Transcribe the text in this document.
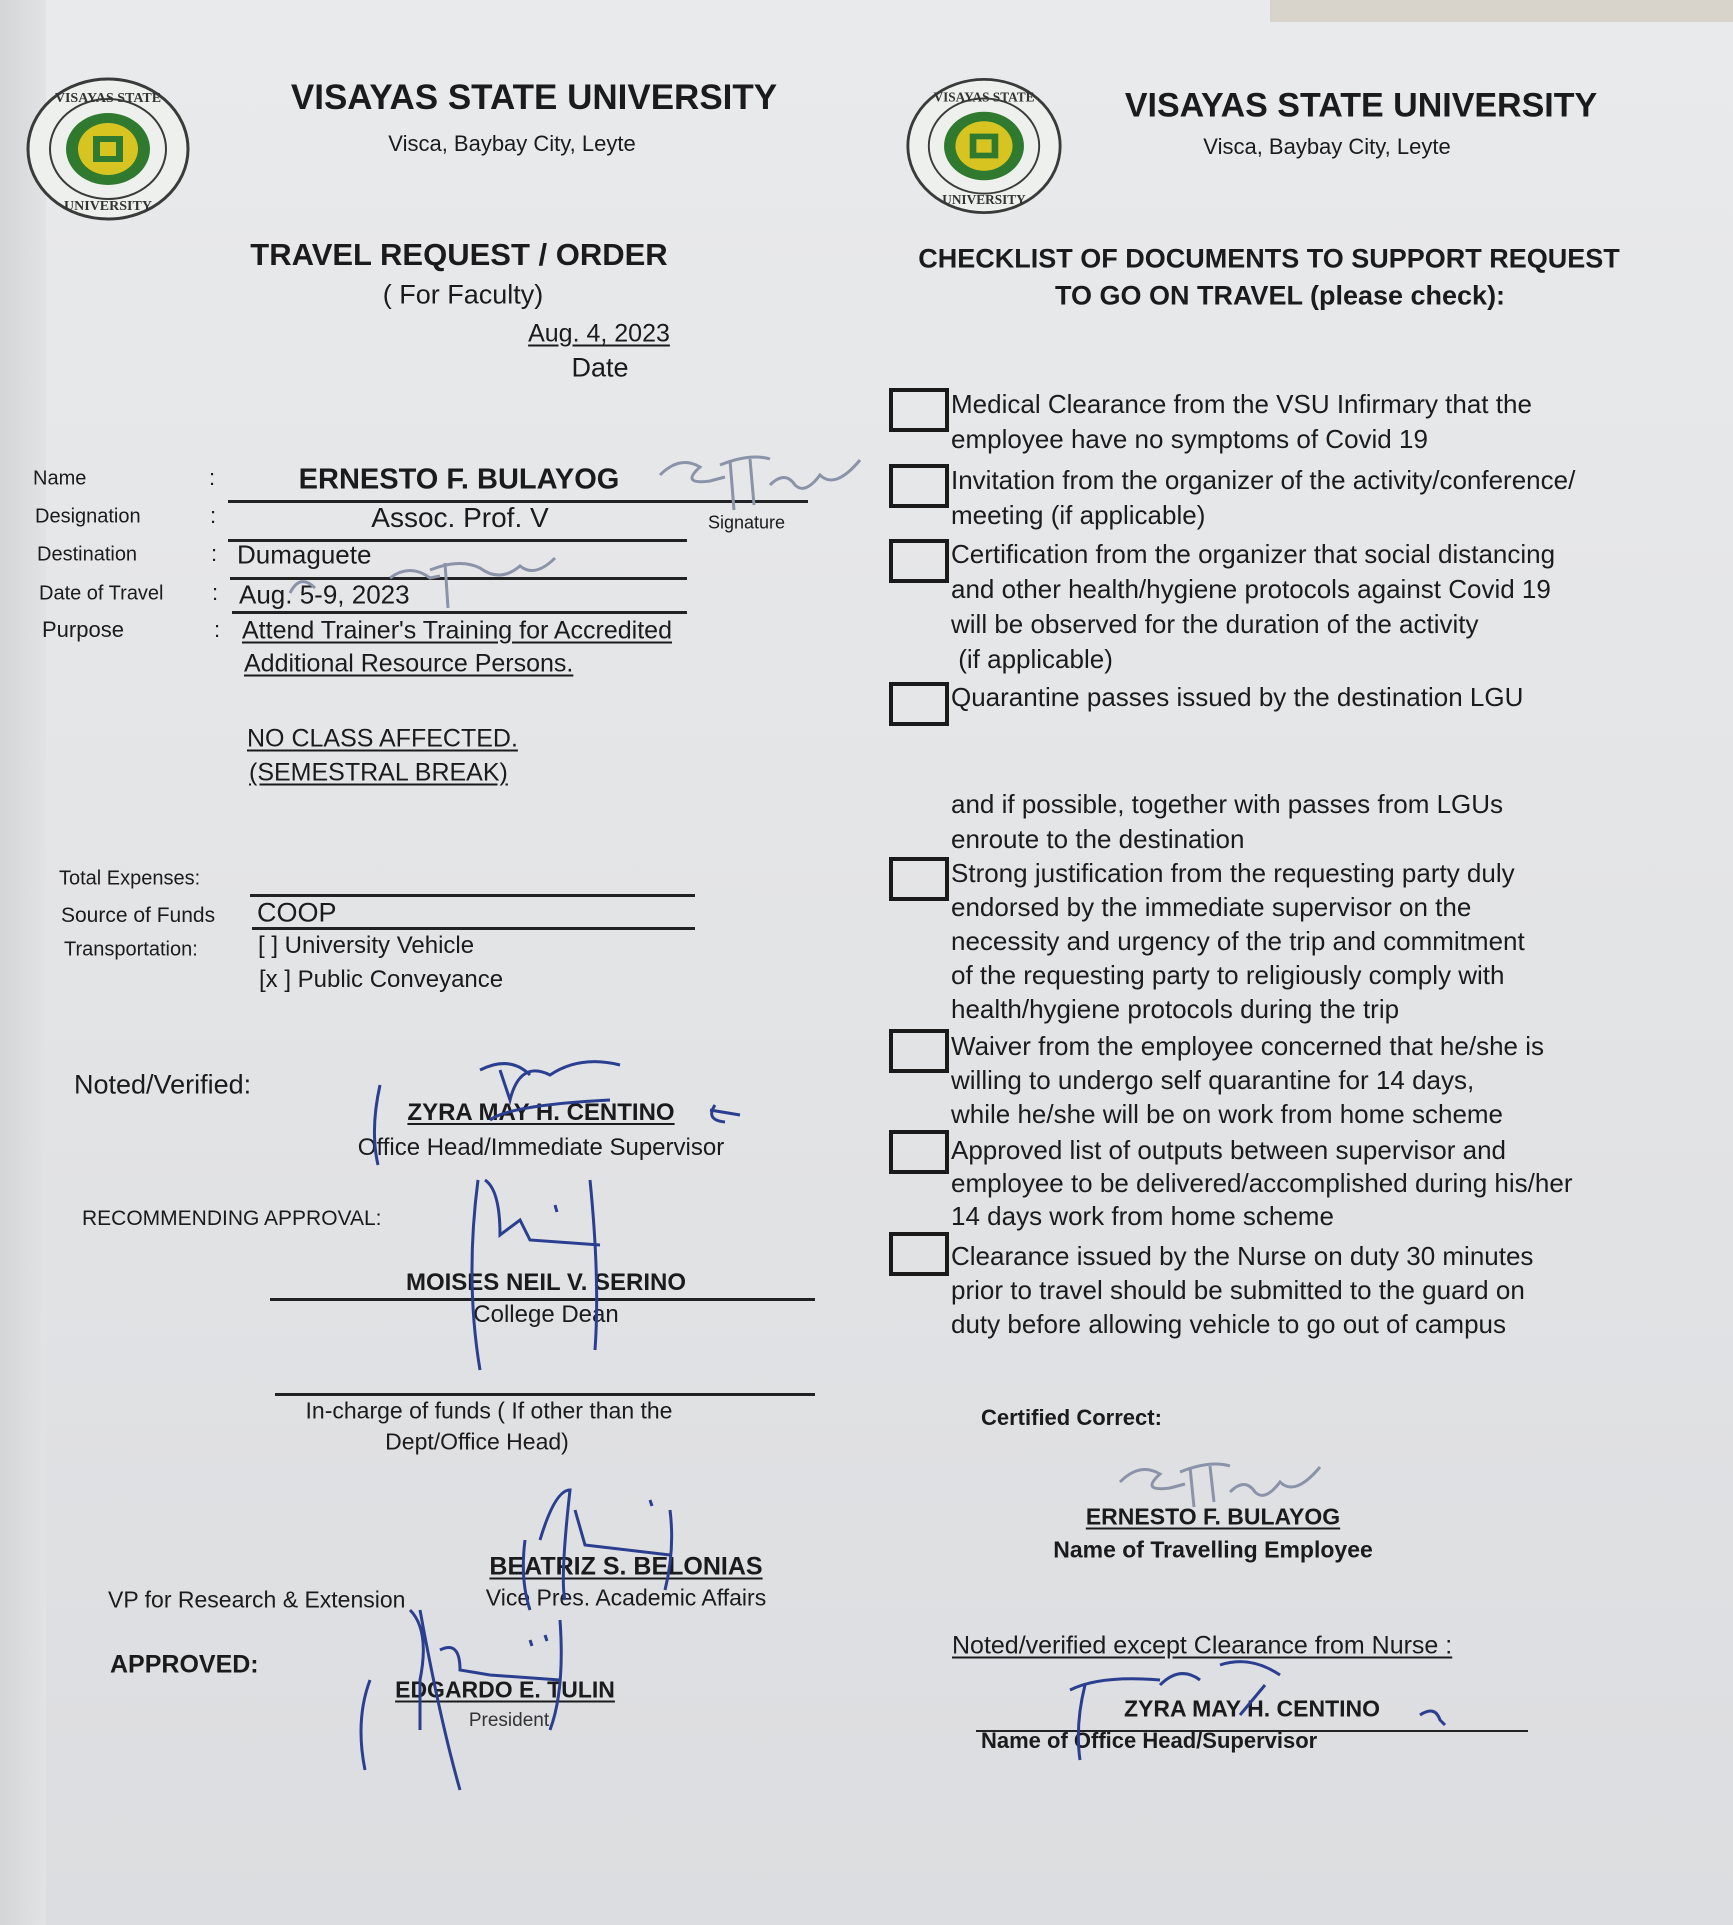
VISAYAS STATE
UNIVERSITY
VISAYAS STATE
UNIVERSITY
VISAYAS STATE UNIVERSITY
Visca, Baybay City, Leyte
TRAVEL REQUEST / ORDER
( For Faculty)
Aug. 4, 2023
Date
Name
Designation
Destination
Date of Travel
Purpose
:
:
:
:
:
ERNESTO F. BULAYOG
Assoc. Prof. V
Dumaguete
Aug. 5-9, 2023
Attend Trainer's Training for Accredited
Additional Resource Persons.
Signature
NO CLASS AFFECTED.
(SEMESTRAL BREAK)
Total Expenses:
Source of Funds COOP
Transportation:	[ ] University Vehicle
[x ] Public Conveyance
Noted/Verified:
ZYRA MAY H. CENTINO
Office Head/Immediate Supervisor
RECOMMENDING APPROVAL:
MOISES NEIL V. SERINO
College Dean
In-charge of funds ( If other than the
Dept/Office Head)
BEATRIZ S. BELONIAS
Vice Pres. Academic Affairs
VP for Research & Extension
APPROVED:
EDGARDO E. TULIN
President
VISAYAS STATE UNIVERSITY
Visca, Baybay City, Leyte
CHECKLIST OF DOCUMENTS TO SUPPORT REQUEST
TO GO ON TRAVEL (please check):
Medical Clearance from the VSU Infirmary that the
employee have no symptoms of Covid 19
Invitation from the organizer of the activity/conference/
meeting (if applicable)
Certification from the organizer that social distancing
and other health/hygiene protocols against Covid 19
will be observed for the duration of the activity
(if applicable)
Quarantine passes issued by the destination LGU
and if possible, together with passes from LGUs
enroute to the destination
Strong justification from the requesting party duly
endorsed by the immediate supervisor on the
necessity and urgency of the trip and commitment
of the requesting party to religiously comply with
health/hygiene protocols during the trip
Waiver from the employee concerned that he/she is
willing to undergo self quarantine for 14 days,
while he/she will be on work from home scheme
Approved list of outputs between supervisor and
employee to be delivered/accomplished during his/her
14 days work from home scheme
Clearance issued by the Nurse on duty 30 minutes
prior to travel should be submitted to the guard on
duty before allowing vehicle to go out of campus
Certified Correct:
ERNESTO F. BULAYOG
Name of Travelling Employee
Noted/verified except Clearance from Nurse :
ZYRA MAY H. CENTINO
Name of Office Head/Supervisor
